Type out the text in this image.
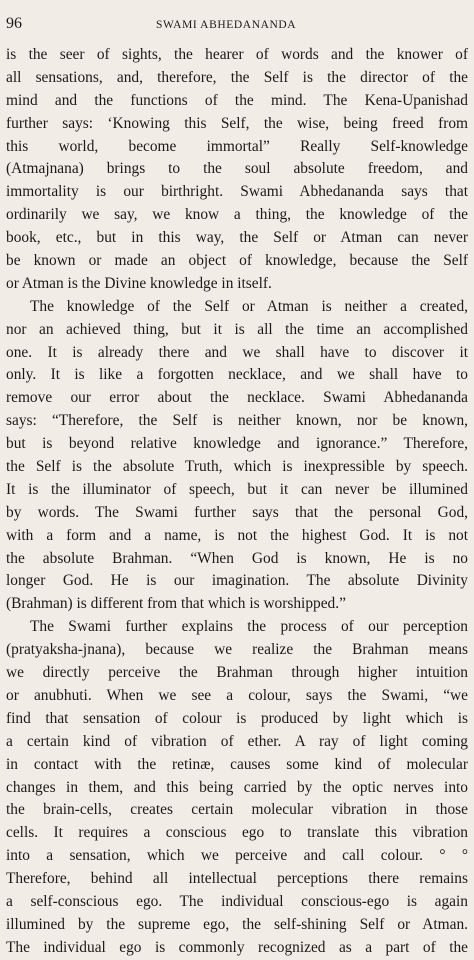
96	SWAMI ABHEDANANDA
is the seer of sights, the hearer of words and the knower of
all sensations, and, therefore, the Self is the director of the
mind and the functions of the mind. The Kena-Upanishad
further says: ‘Knowing this Self, the wise, being freed from
this world, become immortal” Really Self-knowledge
(Atmajnana) brings to the soul absolute freedom, and
immortality is our birthright. Swami Abhedananda says that
ordinarily we say, we know a thing, the knowledge of the
book, etc., but in this way, the Self or Atman can never
be known or made an object of knowledge, because the Self
or Atman is the Divine knowledge in itself.
The knowledge of the Self or Atman is neither a created,
nor an achieved thing, but it is all the time an accomplished
one. It is already there and we shall have to discover it
only. It is like a forgotten necklace, and we shall have to
remove our error about the necklace. Swami Abhedananda
says: “Therefore, the Self is neither known, nor be known,
but is beyond relative knowledge and ignorance.” Therefore,
the Self is the absolute Truth, which is inexpressible by speech.
It is the illuminator of speech, but it can never be illumined
by words. The Swami further says that the personal God,
with a form and a name, is not the highest God. It is not
the absolute Brahman. “When God is known, He is no
longer God. He is our imagination. The absolute Divinity
(Brahman) is different from that which is worshipped.”
The Swami further explains the process of our perception
(pratyaksha-jnana), because we realize the Brahman means
we directly perceive the Brahman through higher intuition
or anubhuti. When we see a colour, says the Swami, “we
find that sensation of colour is produced by light which is
a certain kind of vibration of ether. A ray of light coming
in contact with the retinæ, causes some kind of molecular
changes in them, and this being carried by the optic nerves into
the brain-cells, creates certain molecular vibration in those
cells. It requires a conscious ego to translate this vibration
into a sensation, which we perceive and call colour. ° °
Therefore, behind all intellectual perceptions there remains
a self-conscious ego. The individual conscious-ego is again
illumined by the supreme ego, the self-shining Self or Atman.
The individual ego is commonly recognized as a part of the
